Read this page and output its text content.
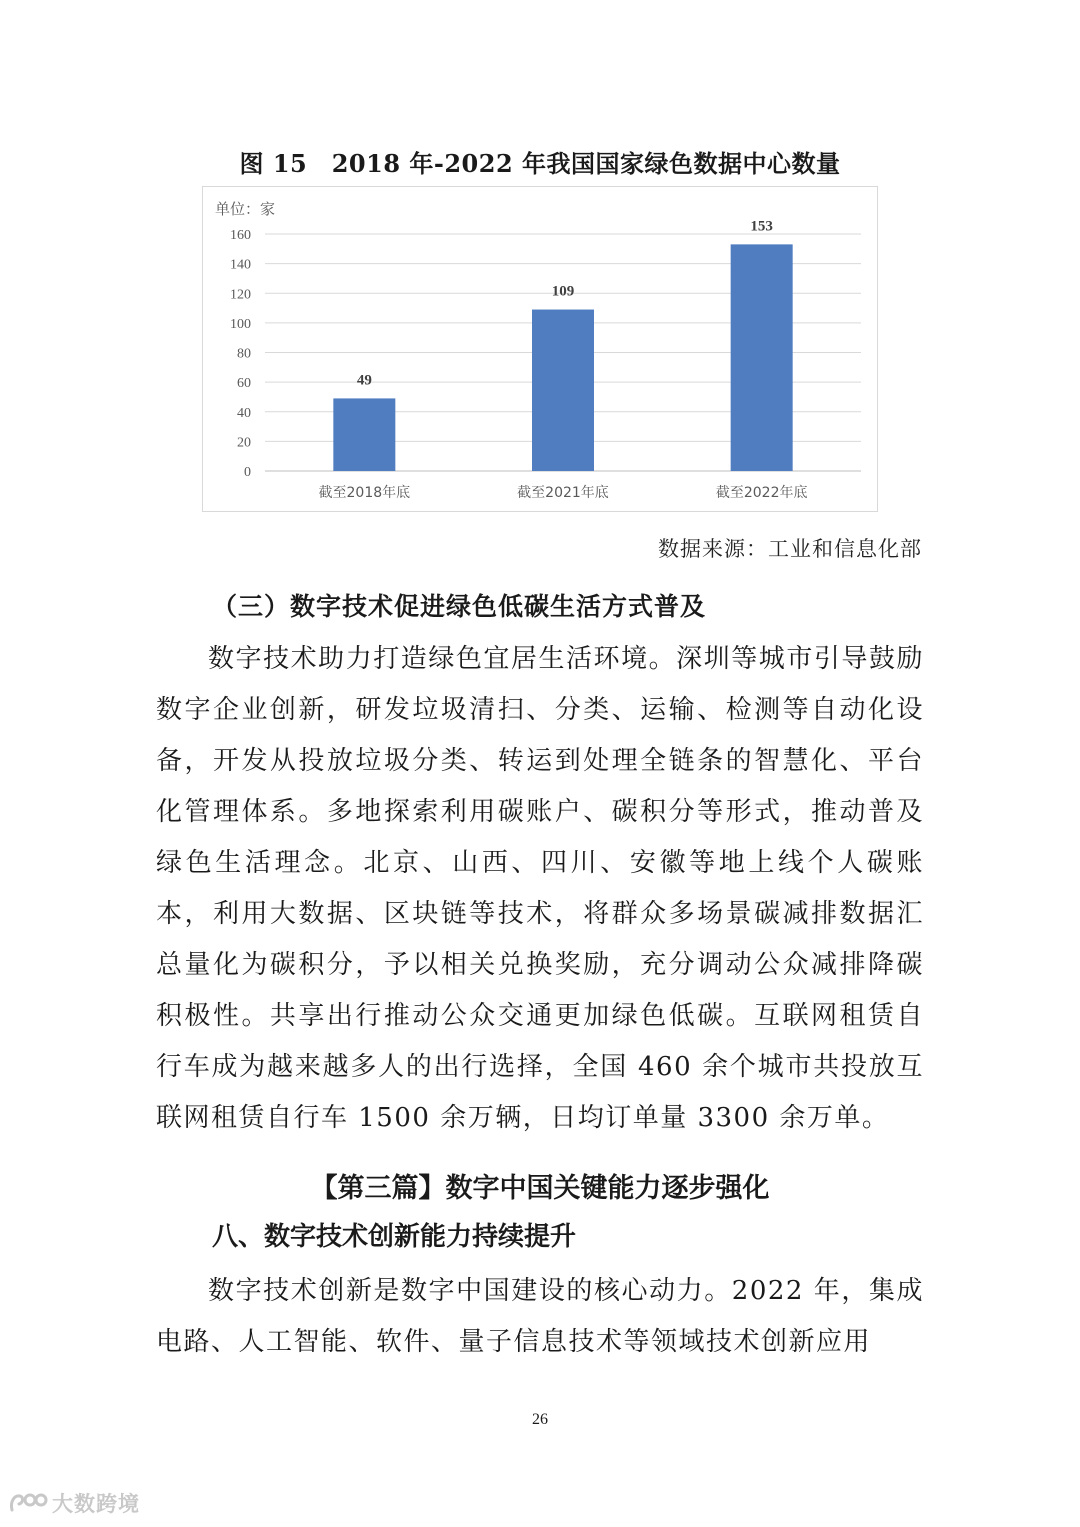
图 15　2018 年-2022 年我国国家绿色数据中心数量
单位：家
0
20
40
60
80
100
120
140
160
49
109
153
截至2018年底	截至2021年底	截至2022年底
数据来源：工业和信息化部
（三）数字技术促进绿色低碳生活方式普及

数字技术助力打造绿色宜居生活环境。深圳等城市引导鼓励数字企业创新，研发垃圾清扫、分类、运输、检测等自动化设备，开发从投放垃圾分类、转运到处理全链条的智慧化、平台化管理体系。多地探索利用碳账户、碳积分等形式，推动普及绿色生活理念。北京、山西、四川、安徽等地上线个人碳账本，利用大数据、区块链等技术，将群众多场景碳减排数据汇总量化为碳积分，予以相关兑换奖励，充分调动公众减排降碳积极性。共享出行推动公众交通更加绿色低碳。互联网租赁自行车成为越来越多人的出行选择，全国 460 余个城市共投放互联网租赁自行车 1500 余万辆，日均订单量 3300 余万单。

【第三篇】数字中国关键能力逐步强化
八、数字技术创新能力持续提升

数字技术创新是数字中国建设的核心动力。2022 年，集成电路、人工智能、软件、量子信息技术等领域技术创新应用

26
大数跨境
